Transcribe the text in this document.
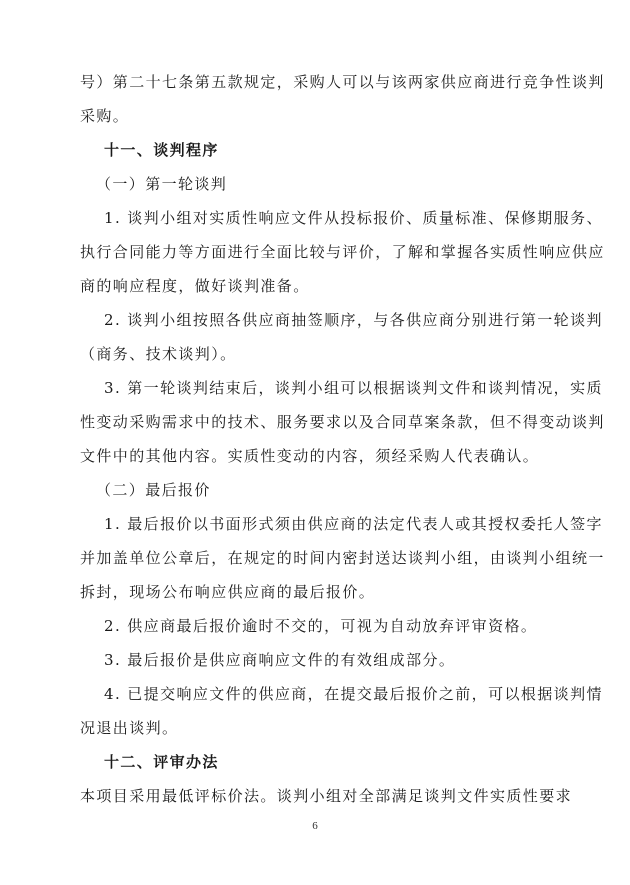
号）第二十七条第五款规定，采购人可以与该两家供应商进行竞争性谈判
采购。
十一、谈判程序
（一）第一轮谈判
1. 谈判小组对实质性响应文件从投标报价、质量标准、保修期服务、
执行合同能力等方面进行全面比较与评价，了解和掌握各实质性响应供应
商的响应程度，做好谈判准备。
2. 谈判小组按照各供应商抽签顺序，与各供应商分别进行第一轮谈判
（商务、技术谈判）。
3. 第一轮谈判结束后，谈判小组可以根据谈判文件和谈判情况，实质
性变动采购需求中的技术、服务要求以及合同草案条款，但不得变动谈判
文件中的其他内容。实质性变动的内容，须经采购人代表确认。
（二）最后报价
1. 最后报价以书面形式须由供应商的法定代表人或其授权委托人签字
并加盖单位公章后，在规定的时间内密封送达谈判小组，由谈判小组统一
拆封，现场公布响应供应商的最后报价。
2. 供应商最后报价逾时不交的，可视为自动放弃评审资格。
3. 最后报价是供应商响应文件的有效组成部分。
4. 已提交响应文件的供应商，在提交最后报价之前，可以根据谈判情
况退出谈判。
十二、评审办法
本项目采用最低评标价法。谈判小组对全部满足谈判文件实质性要求
6
